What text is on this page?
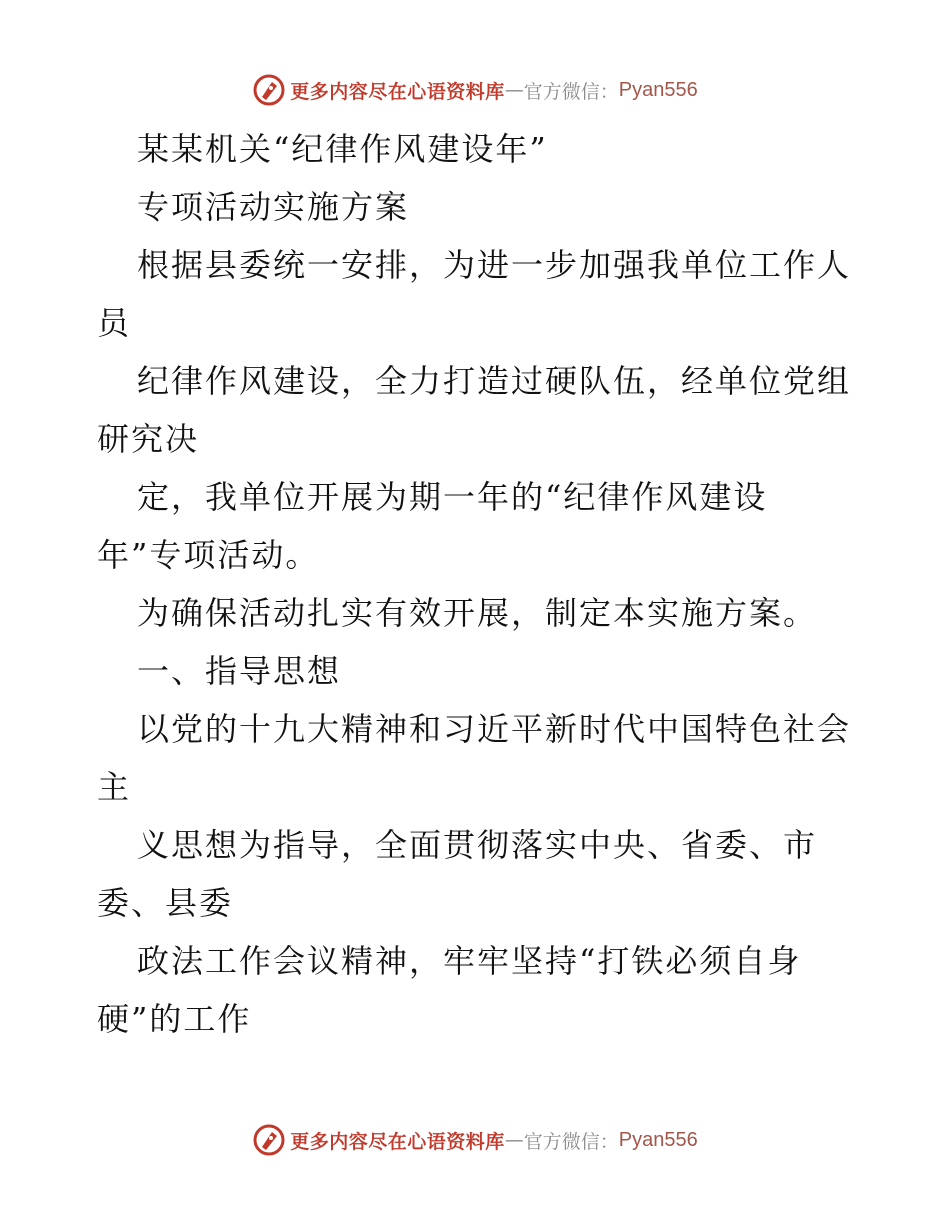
更多内容尽在心语资料库 — 官方微信： Pyan556
某某机关“纪律作风建设年”
专项活动实施方案
根据县委统一安排，为进一步加强我单位工作人
员
纪律作风建设，全力打造过硬队伍，经单位党组
研究决
定，我单位开展为期一年的“纪律作风建设
年”专项活动。
为确保活动扎实有效开展，制定本实施方案。
一、指导思想
以党的十九大精神和习近平新时代中国特色社会
主
义思想为指导，全面贯彻落实中央、省委、市
委、县委
政法工作会议精神，牢牢坚持“打铁必须自身
硬”的工作
更多内容尽在心语资料库 — 官方微信： Pyan556
